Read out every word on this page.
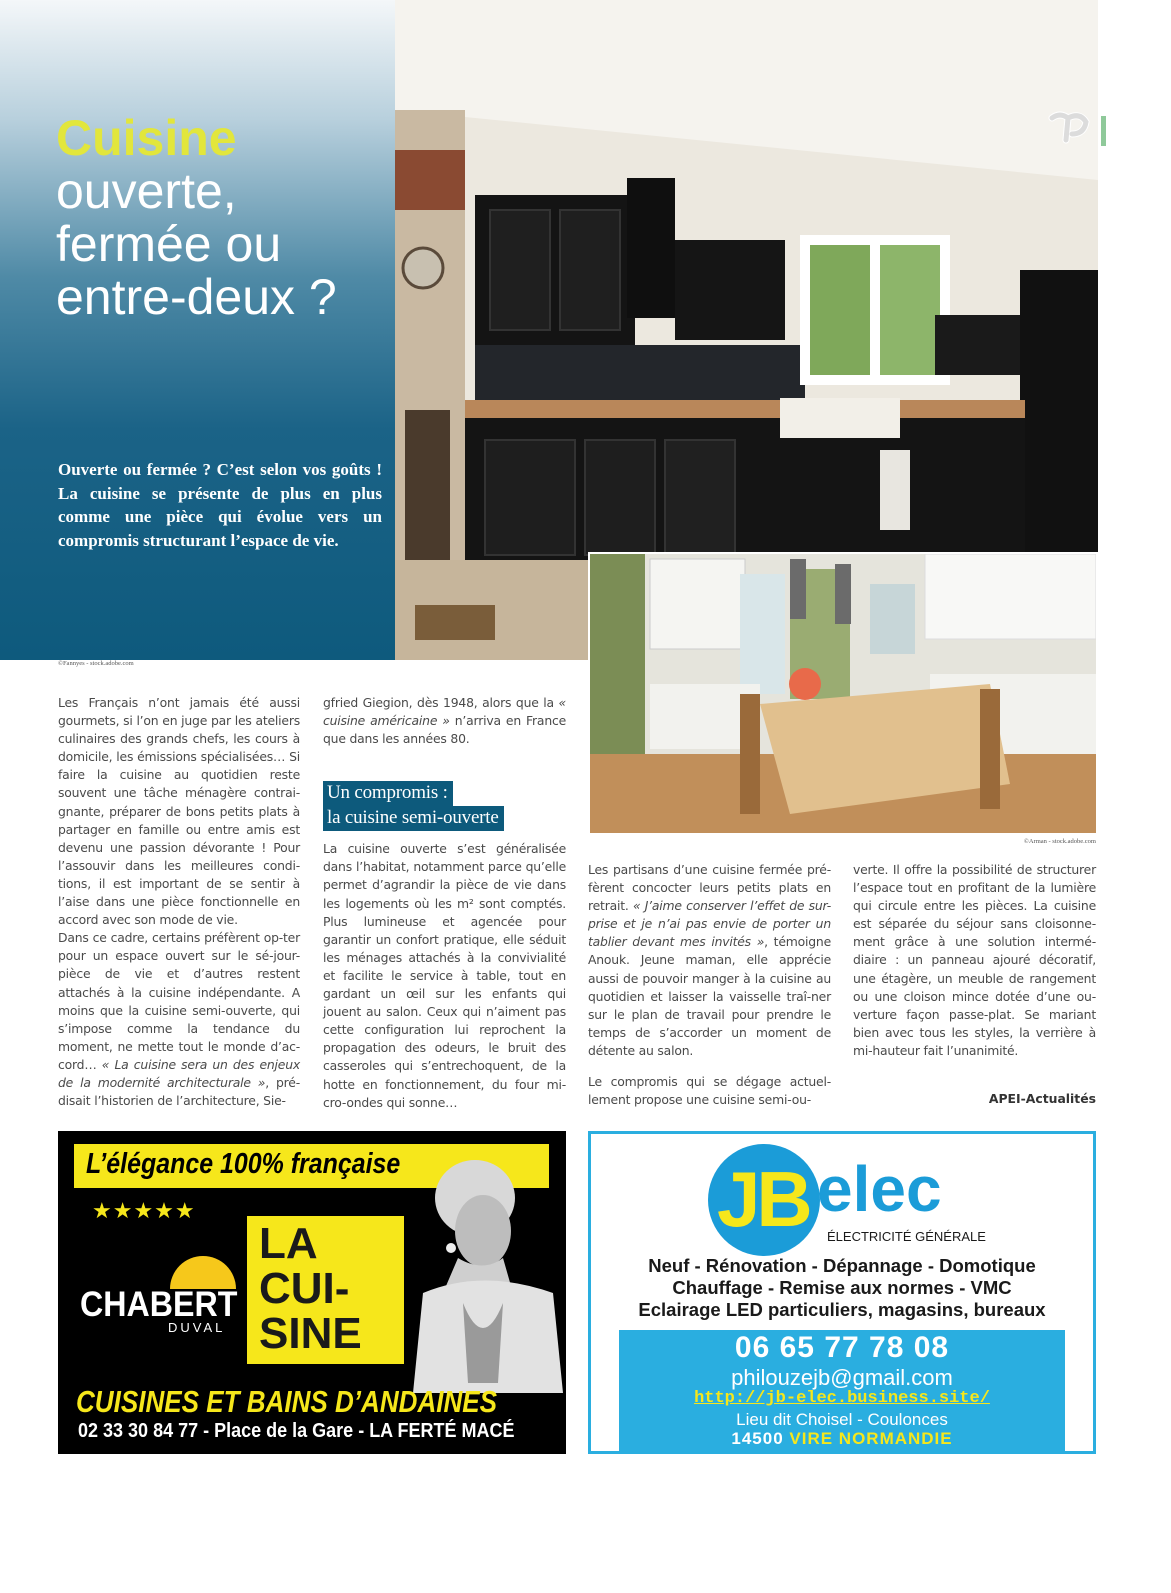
Cuisine
ouverte, fermée ou entre-deux ?

Ouverte ou fermée ? C’est selon vos goûts ! La cuisine se présente de plus en plus comme une pièce qui évolue vers un compromis structurant l’espace de vie.

©Fannyes - stock.adobe.com
©Arman - stock.adobe.com

Les Français n’ont jamais été aussi gourmets, si l’on en juge par les ateliers culinaires des grands chefs, les cours à domicile, les émissions spécialisées… Si faire la cuisine au quotidien reste souvent une tâche ménagère contrai-gnante, préparer de bons petits plats à partager en famille ou entre amis est devenu une passion dévorante ! Pour l’assouvir dans les meilleures condi-tions, il est important de se sentir à l’aise dans une pièce fonctionnelle en accord avec son mode de vie.

Dans ce cadre, certains préfèrent op-ter pour un espace ouvert sur le sé-jour-pièce de vie et d’autres restent attachés à la cuisine indépendante. A moins que la cuisine semi-ouverte, qui s’impose comme la tendance du moment, ne mette tout le monde d’ac-cord… « La cuisine sera un des enjeux de la modernité architecturale », pré-disait l’historien de l’architecture, Sie-

gfried Giegion, dès 1948, alors que la « cuisine américaine » n’arriva en France que dans les années 80.

Un compromis :
la cuisine semi-ouverte

La cuisine ouverte s’est généralisée dans l’habitat, notamment parce qu’elle permet d’agrandir la pièce de vie dans les logements où les m² sont comptés. Plus lumineuse et agencée pour garantir un confort pratique, elle séduit les ménages attachés à la convivialité et facilite le service à table, tout en gardant un œil sur les enfants qui jouent au salon. Ceux qui n’aiment pas cette configuration lui reprochent la propagation des odeurs, le bruit des casseroles qui s’entrechoquent, de la hotte en fonctionnement, du four mi-cro-ondes qui sonne…

Les partisans d’une cuisine fermée pré-fèrent concocter leurs petits plats en retrait. « J’aime conserver l’effet de sur-prise et je n’ai pas envie de porter un tablier devant mes invités », témoigne Anouk. Jeune maman, elle apprécie aussi de pouvoir manger à la cuisine au quotidien et laisser la vaisselle traî-ner sur le plan de travail pour prendre le temps de s’accorder un moment de détente au salon.

Le compromis qui se dégage actuel-lement propose une cuisine semi-ou-

verte. Il offre la possibilité de structurer l’espace tout en profitant de la lumière qui circule entre les pièces. La cuisine est séparée du séjour sans cloisonne-ment grâce à une solution intermé-diaire : un panneau ajouré décoratif, une étagère, un meuble de rangement ou une cloison mince dotée d’une ou-verture façon passe-plat. Se mariant bien avec tous les styles, la verrière à mi-hauteur fait l’unanimité.

APEI-Actualités
L’élégance 100% française
★★★★★
CHABERT
DUVAL
LA
CUI-
SINE
CUISINES ET BAINS D’ANDAINES
02 33 30 84 77 - Place de la Gare - LA FERTÉ MACÉ
JB elec
ÉLECTRICITÉ GÉNÉRALE
Neuf - Rénovation - Dépannage - Domotique
Chauffage - Remise aux normes - VMC
Eclairage LED particuliers, magasins, bureaux
06 65 77 78 08
philouzejb@gmail.com
http://jb-elec.business.site/
Lieu dit Choisel - Coulonces
14500 VIRE NORMANDIE
